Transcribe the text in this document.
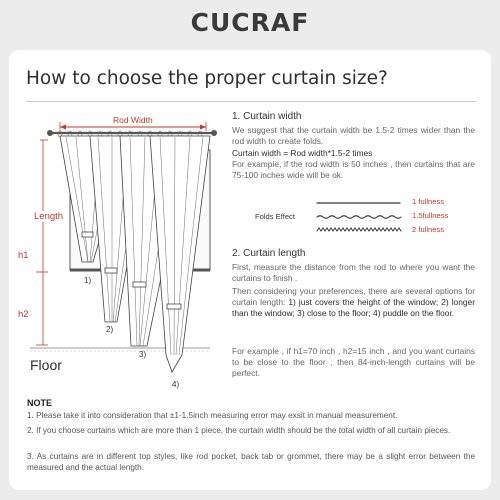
CUCRAF
How to choose the proper curtain size?
Rod Width
Length
h1
h2
Floor
1)
2)
3)
4)
1. Curtain width
We suggest that the curtain width be 1.5-2 times wider than the rod width to create folds.
Curtain width = Rod width*1.5-2 times
For example, if the rod width is 50 inches , then curtains that are 75-100 inches wide will be ok.
Folds Effect
1 fullness
1.5fullness
2 fullness
2. Curtain length
First, measure the distance from the rod to where you want the curtains to finish .
Then considering your preferences, there are several options for curtain length: 1) just covers the height of the window; 2) longer than the window; 3) close to the floor; 4) puddle on the floor.
For example , if h1=70 inch , h2=15 inch , and you want curtains to be close to the floor , then 84-inch-length curtains will be perfect.
NOTE
1. Please take it into consideration that ±1-1.5inch measuring error may exsit in manual measurement.
2. If you choose curtains which are more than 1 piece, the curtain width should be the total width of all curtain pieces.
3. As curtains are in different top styles, like rod pocket, back tab or grommet, there may be a slight error between the measured and the actual length.
